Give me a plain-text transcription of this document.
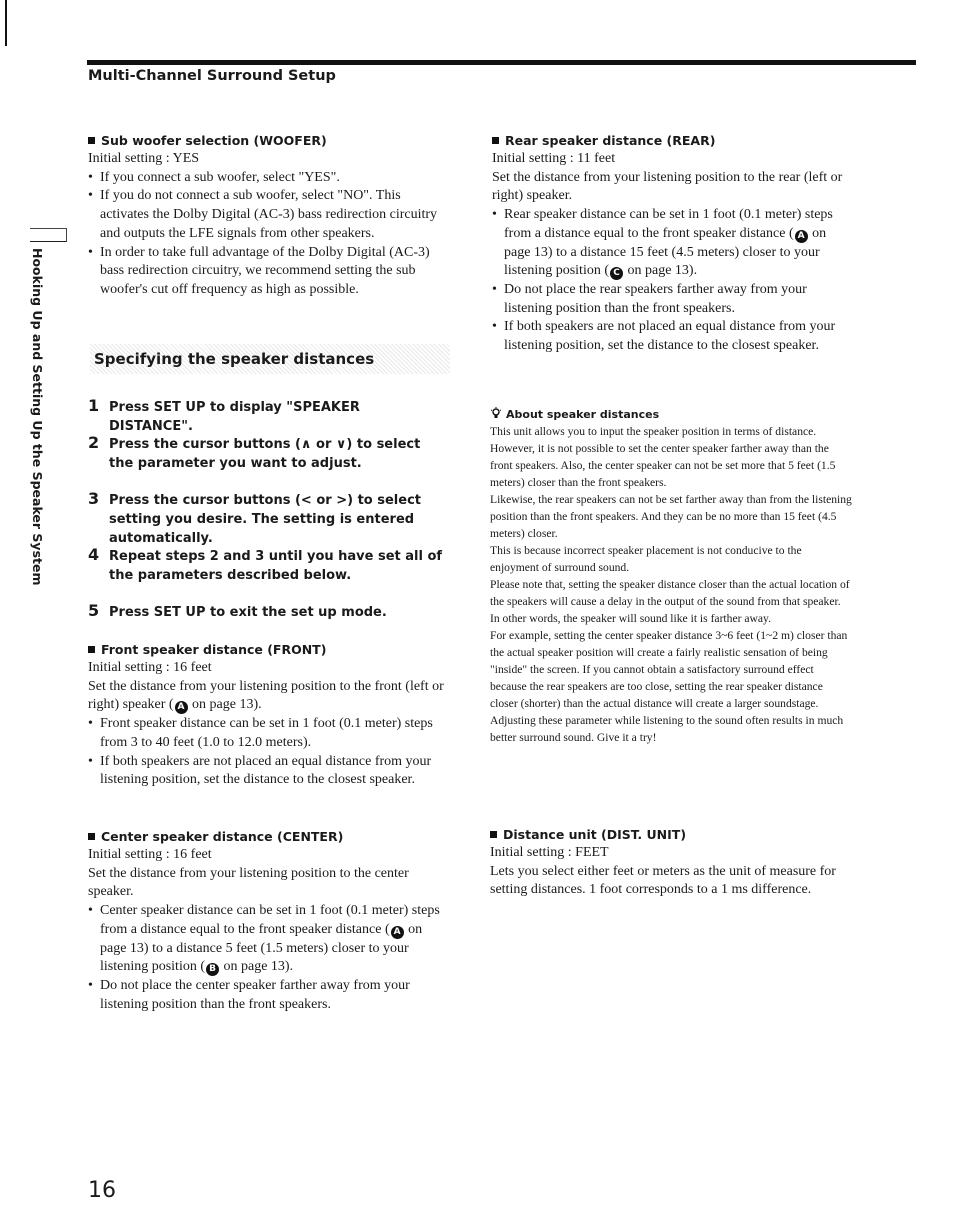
Multi-Channel Surround Setup
Hooking Up and Setting Up the Speaker System
Sub woofer selection (WOOFER)
Initial setting : YES
• If you connect a sub woofer, select "YES".
• If you do not connect a sub woofer, select "NO". This activates the Dolby Digital (AC-3) bass redirection circuitry and outputs the LFE signals from other speakers.
• In order to take full advantage of the Dolby Digital (AC-3) bass redirection circuitry, we recommend setting the sub woofer's cut off frequency as high as possible.
Specifying the speaker distances
1 Press SET UP to display "SPEAKER DISTANCE".
2 Press the cursor buttons (∧ or ∨) to select the parameter you want to adjust.
3 Press the cursor buttons (< or >) to select setting you desire. The setting is entered automatically.
4 Repeat steps 2 and 3 until you have set all of the parameters described below.
5 Press SET UP to exit the set up mode.
Front speaker distance (FRONT)
Initial setting : 16 feet
Set the distance from your listening position to the front (left or right) speaker ( A on page 13).
• Front speaker distance can be set in 1 foot (0.1 meter) steps from 3 to 40 feet (1.0 to 12.0 meters).
• If both speakers are not placed an equal distance from your listening position, set the distance to the closest speaker.
Center speaker distance (CENTER)
Initial setting : 16 feet
Set the distance from your listening position to the center speaker.
• Center speaker distance can be set in 1 foot (0.1 meter) steps from a distance equal to the front speaker distance ( A on page 13) to a distance 5 feet (1.5 meters) closer to your listening position ( B on page 13).
• Do not place the center speaker farther away from your listening position than the front speakers.
Rear speaker distance (REAR)
Initial setting : 11 feet
Set the distance from your listening position to the rear (left or right) speaker.
• Rear speaker distance can be set in 1 foot (0.1 meter) steps from a distance equal to the front speaker distance ( A on page 13) to a distance 15 feet (4.5 meters) closer to your listening position ( C on page 13).
• Do not place the rear speakers farther away from your listening position than the front speakers.
• If both speakers are not placed an equal distance from your listening position, set the distance to the closest speaker.
About speaker distances
This unit allows you to input the speaker position in terms of distance. However, it is not possible to set the center speaker farther away than the front speakers. Also, the center speaker can not be set more that 5 feet (1.5 meters) closer than the front speakers.
Likewise, the rear speakers can not be set farther away than from the listening position than the front speakers. And they can be no more than 15 feet (4.5 meters) closer.
This is because incorrect speaker placement is not conducive to the enjoyment of surround sound.
Please note that, setting the speaker distance closer than the actual location of the speakers will cause a delay in the output of the sound from that speaker. In other words, the speaker will sound like it is farther away.
For example, setting the center speaker distance 3~6 feet (1~2 m) closer than the actual speaker position will create a fairly realistic sensation of being "inside" the screen. If you cannot obtain a satisfactory surround effect because the rear speakers are too close, setting the rear speaker distance closer (shorter) than the actual distance will create a larger soundstage.
Adjusting these parameter while listening to the sound often results in much better surround sound. Give it a try!
Distance unit (DIST. UNIT)
Initial setting : FEET
Lets you select either feet or meters as the unit of measure for setting distances. 1 foot corresponds to a 1 ms difference.
16
